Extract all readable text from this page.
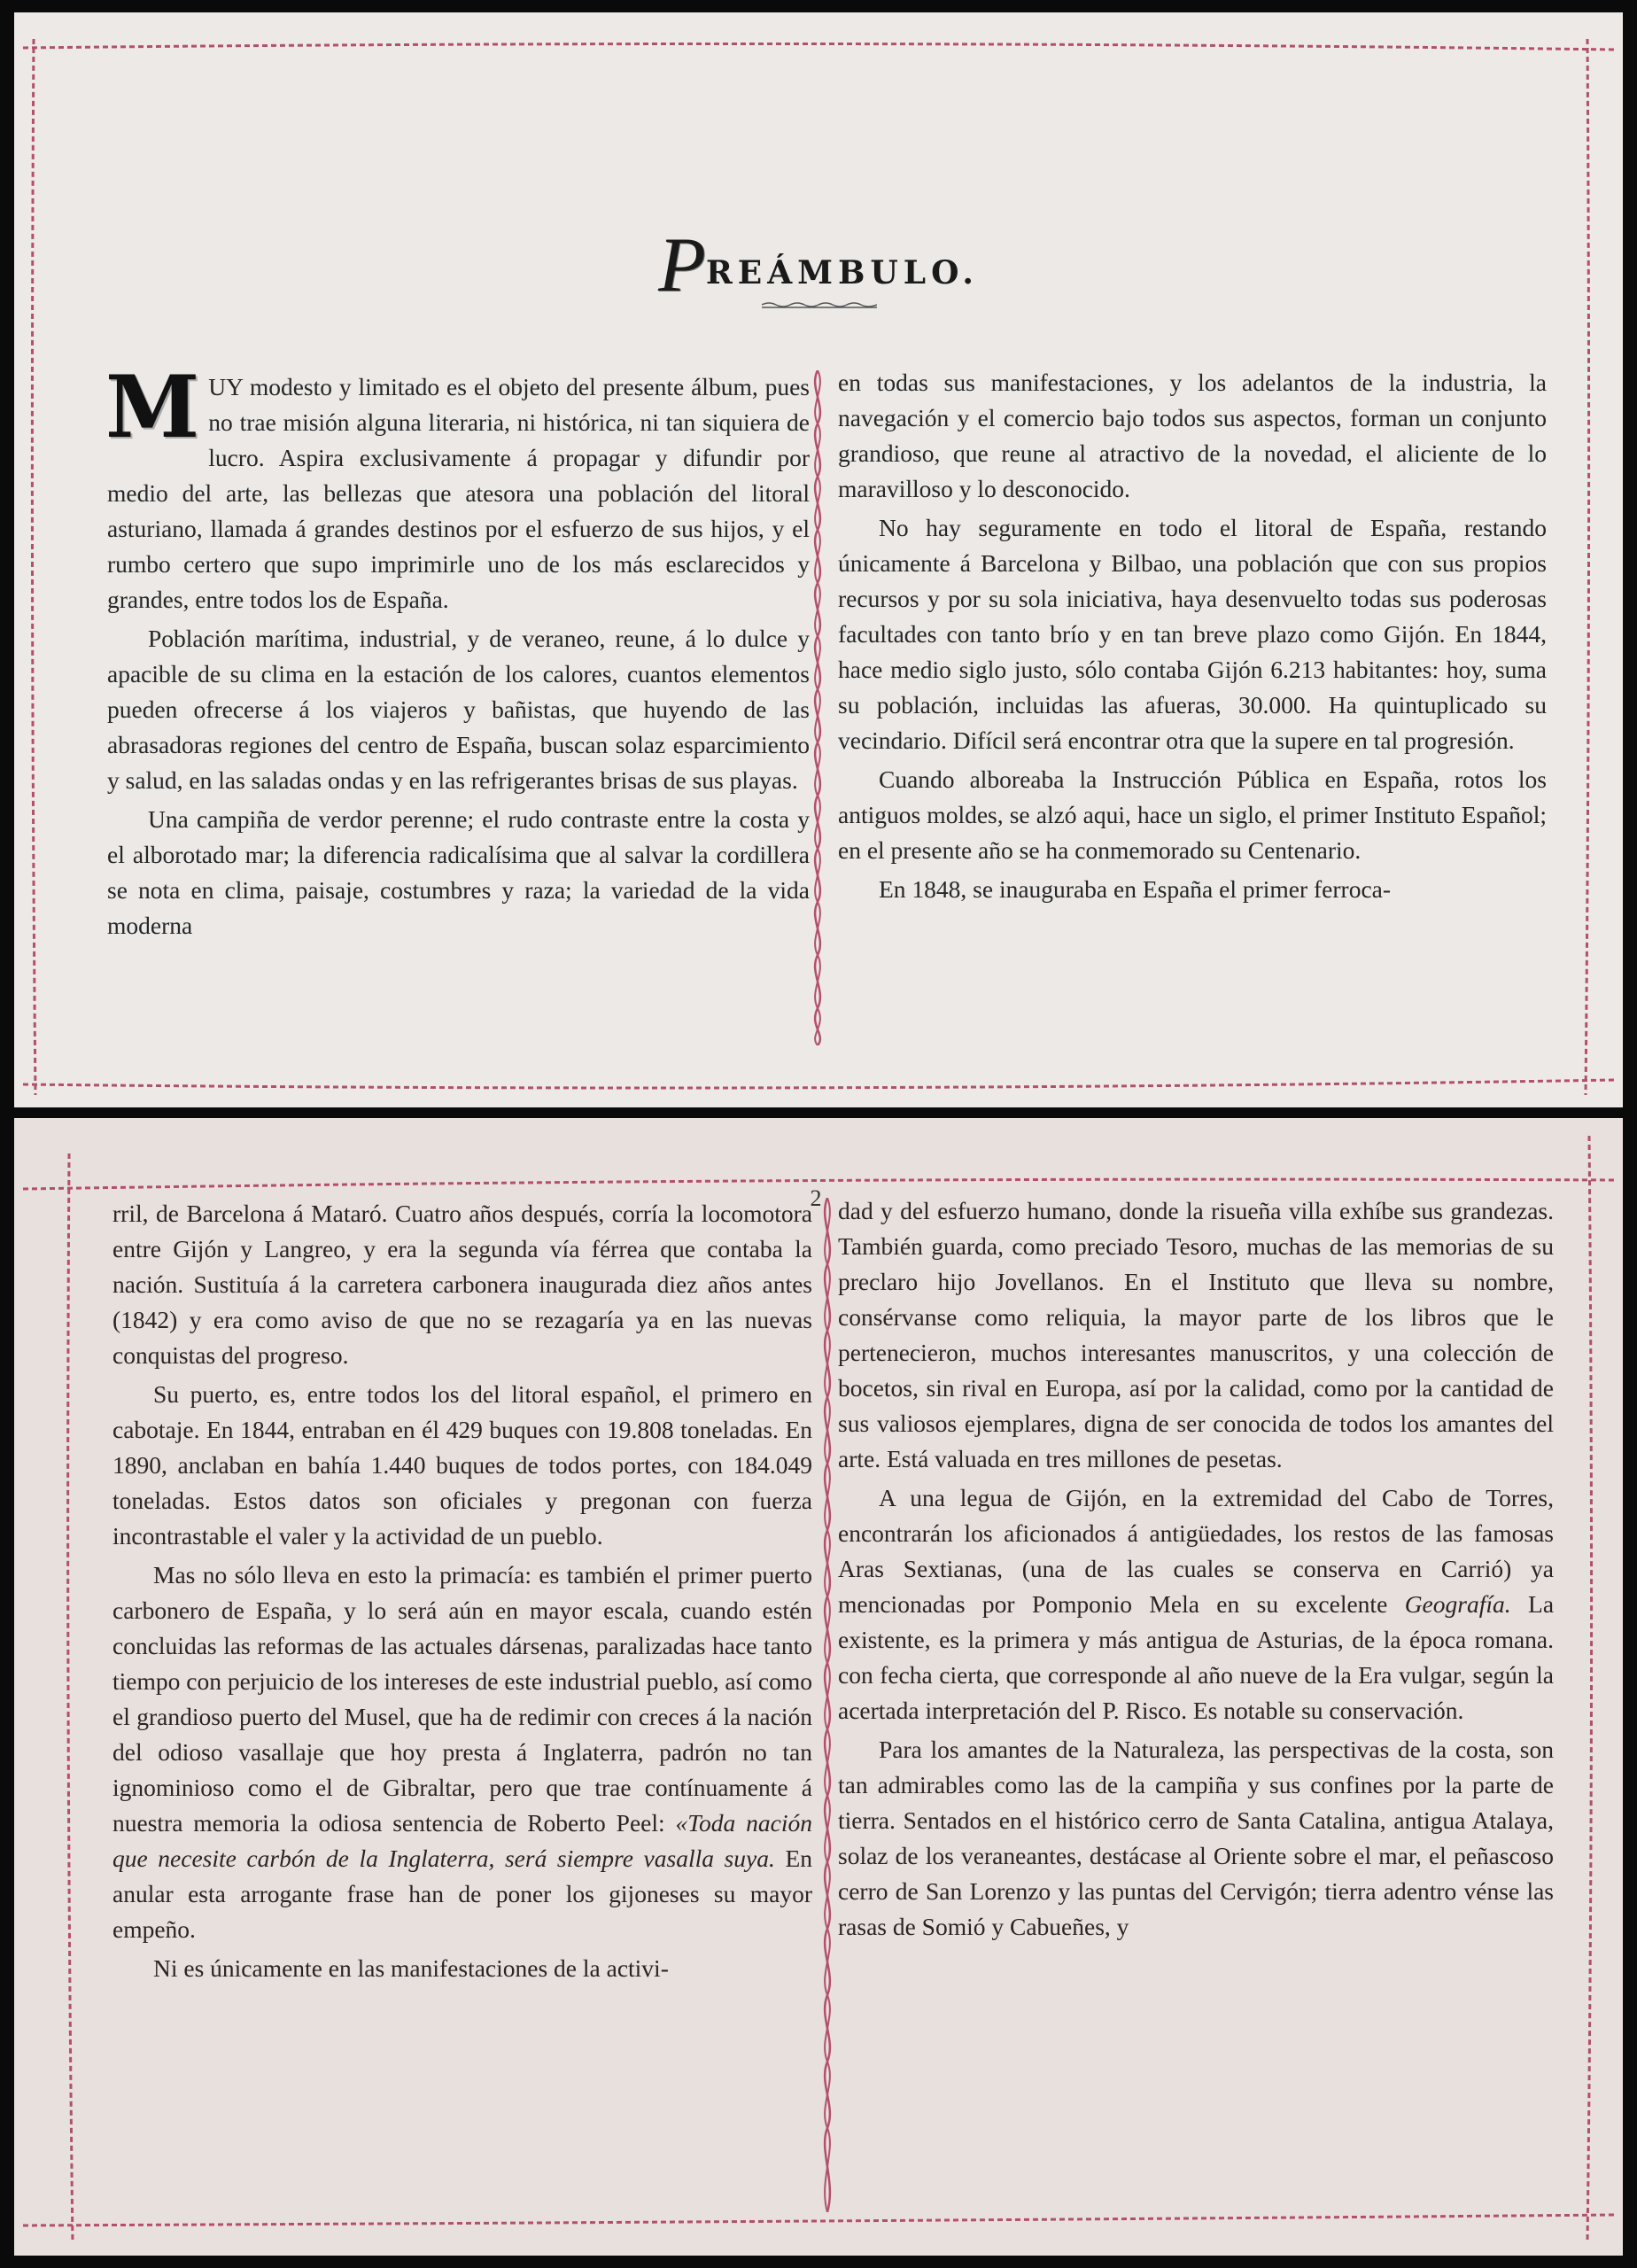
PREÁMBULO.

MUY modesto y limitado es el objeto del presente álbum, pues no trae misión alguna literaria, ni histórica, ni tan siquiera de lucro. Aspira exclusivamente á propagar y difundir por medio del arte, las bellezas que atesora una población del litoral asturiano, llamada á grandes destinos por el esfuerzo de sus hijos, y el rumbo certero que supo imprimirle uno de los más esclarecidos y grandes, entre todos los de España.

Población marítima, industrial, y de veraneo, reune, á lo dulce y apacible de su clima en la estación de los calores, cuantos elementos pueden ofrecerse á los viajeros y bañistas, que huyendo de las abrasadoras regiones del centro de España, buscan solaz esparcimiento y salud, en las saladas ondas y en las refrigerantes brisas de sus playas.

Una campiña de verdor perenne; el rudo contraste entre la costa y el alborotado mar; la diferencia radicalísima que al salvar la cordillera se nota en clima, paisaje, costumbres y raza; la variedad de la vida moderna

en todas sus manifestaciones, y los adelantos de la industria, la navegación y el comercio bajo todos sus aspectos, forman un conjunto grandioso, que reune al atractivo de la novedad, el aliciente de lo maravilloso y lo desconocido.

No hay seguramente en todo el litoral de España, restando únicamente á Barcelona y Bilbao, una población que con sus propios recursos y por su sola iniciativa, haya desenvuelto todas sus poderosas facultades con tanto brío y en tan breve plazo como Gijón. En 1844, hace medio siglo justo, sólo contaba Gijón 6.213 habitantes: hoy, suma su población, incluidas las afueras, 30.000. Ha quintuplicado su vecindario. Difícil será encontrar otra que la supere en tal progresión.

Cuando alboreaba la Instrucción Pública en España, rotos los antiguos moldes, se alzó aqui, hace un siglo, el primer Instituto Español; en el presente año se ha conmemorado su Centenario.

En 1848, se inauguraba en España el primer ferroca-

2

rril, de Barcelona á Mataró. Cuatro años después, corría la locomotora entre Gijón y Langreo, y era la segunda vía férrea que contaba la nación. Sustituía á la carretera carbonera inaugurada diez años antes (1842) y era como aviso de que no se rezagaría ya en las nuevas conquistas del progreso.

Su puerto, es, entre todos los del litoral español, el primero en cabotaje. En 1844, entraban en él 429 buques con 19.808 toneladas. En 1890, anclaban en bahía 1.440 buques de todos portes, con 184.049 toneladas. Estos datos son oficiales y pregonan con fuerza incontrastable el valer y la actividad de un pueblo.

Mas no sólo lleva en esto la primacía: es también el primer puerto carbonero de España, y lo será aún en mayor escala, cuando estén concluidas las reformas de las actuales dársenas, paralizadas hace tanto tiempo con perjuicio de los intereses de este industrial pueblo, así como el grandioso puerto del Musel, que ha de redimir con creces á la nación del odioso vasallaje que hoy presta á Inglaterra, padrón no tan ignominioso como el de Gibraltar, pero que trae contínuamente á nuestra memoria la odiosa sentencia de Roberto Peel: «Toda nación que necesite carbón de la Inglaterra, será siempre vasalla suya. En anular esta arrogante frase han de poner los gijoneses su mayor empeño.

Ni es únicamente en las manifestaciones de la activi-

dad y del esfuerzo humano, donde la risueña villa exhíbe sus grandezas. También guarda, como preciado Tesoro, muchas de las memorias de su preclaro hijo Jovellanos. En el Instituto que lleva su nombre, consérvanse como reliquia, la mayor parte de los libros que le pertenecieron, muchos interesantes manuscritos, y una colección de bocetos, sin rival en Europa, así por la calidad, como por la cantidad de sus valiosos ejemplares, digna de ser conocida de todos los amantes del arte. Está valuada en tres millones de pesetas.

A una legua de Gijón, en la extremidad del Cabo de Torres, encontrarán los aficionados á antigüedades, los restos de las famosas Aras Sextianas, (una de las cuales se conserva en Carrió) ya mencionadas por Pomponio Mela en su excelente Geografía. La existente, es la primera y más antigua de Asturias, de la época romana. con fecha cierta, que corresponde al año nueve de la Era vulgar, según la acertada interpretación del P. Risco. Es notable su conservación.

Para los amantes de la Naturaleza, las perspectivas de la costa, son tan admirables como las de la campiña y sus confines por la parte de tierra. Sentados en el histórico cerro de Santa Catalina, antigua Atalaya, solaz de los veraneantes, destácase al Oriente sobre el mar, el peñascoso cerro de San Lorenzo y las puntas del Cervigón; tierra adentro vénse las rasas de Somió y Cabueñes, y
